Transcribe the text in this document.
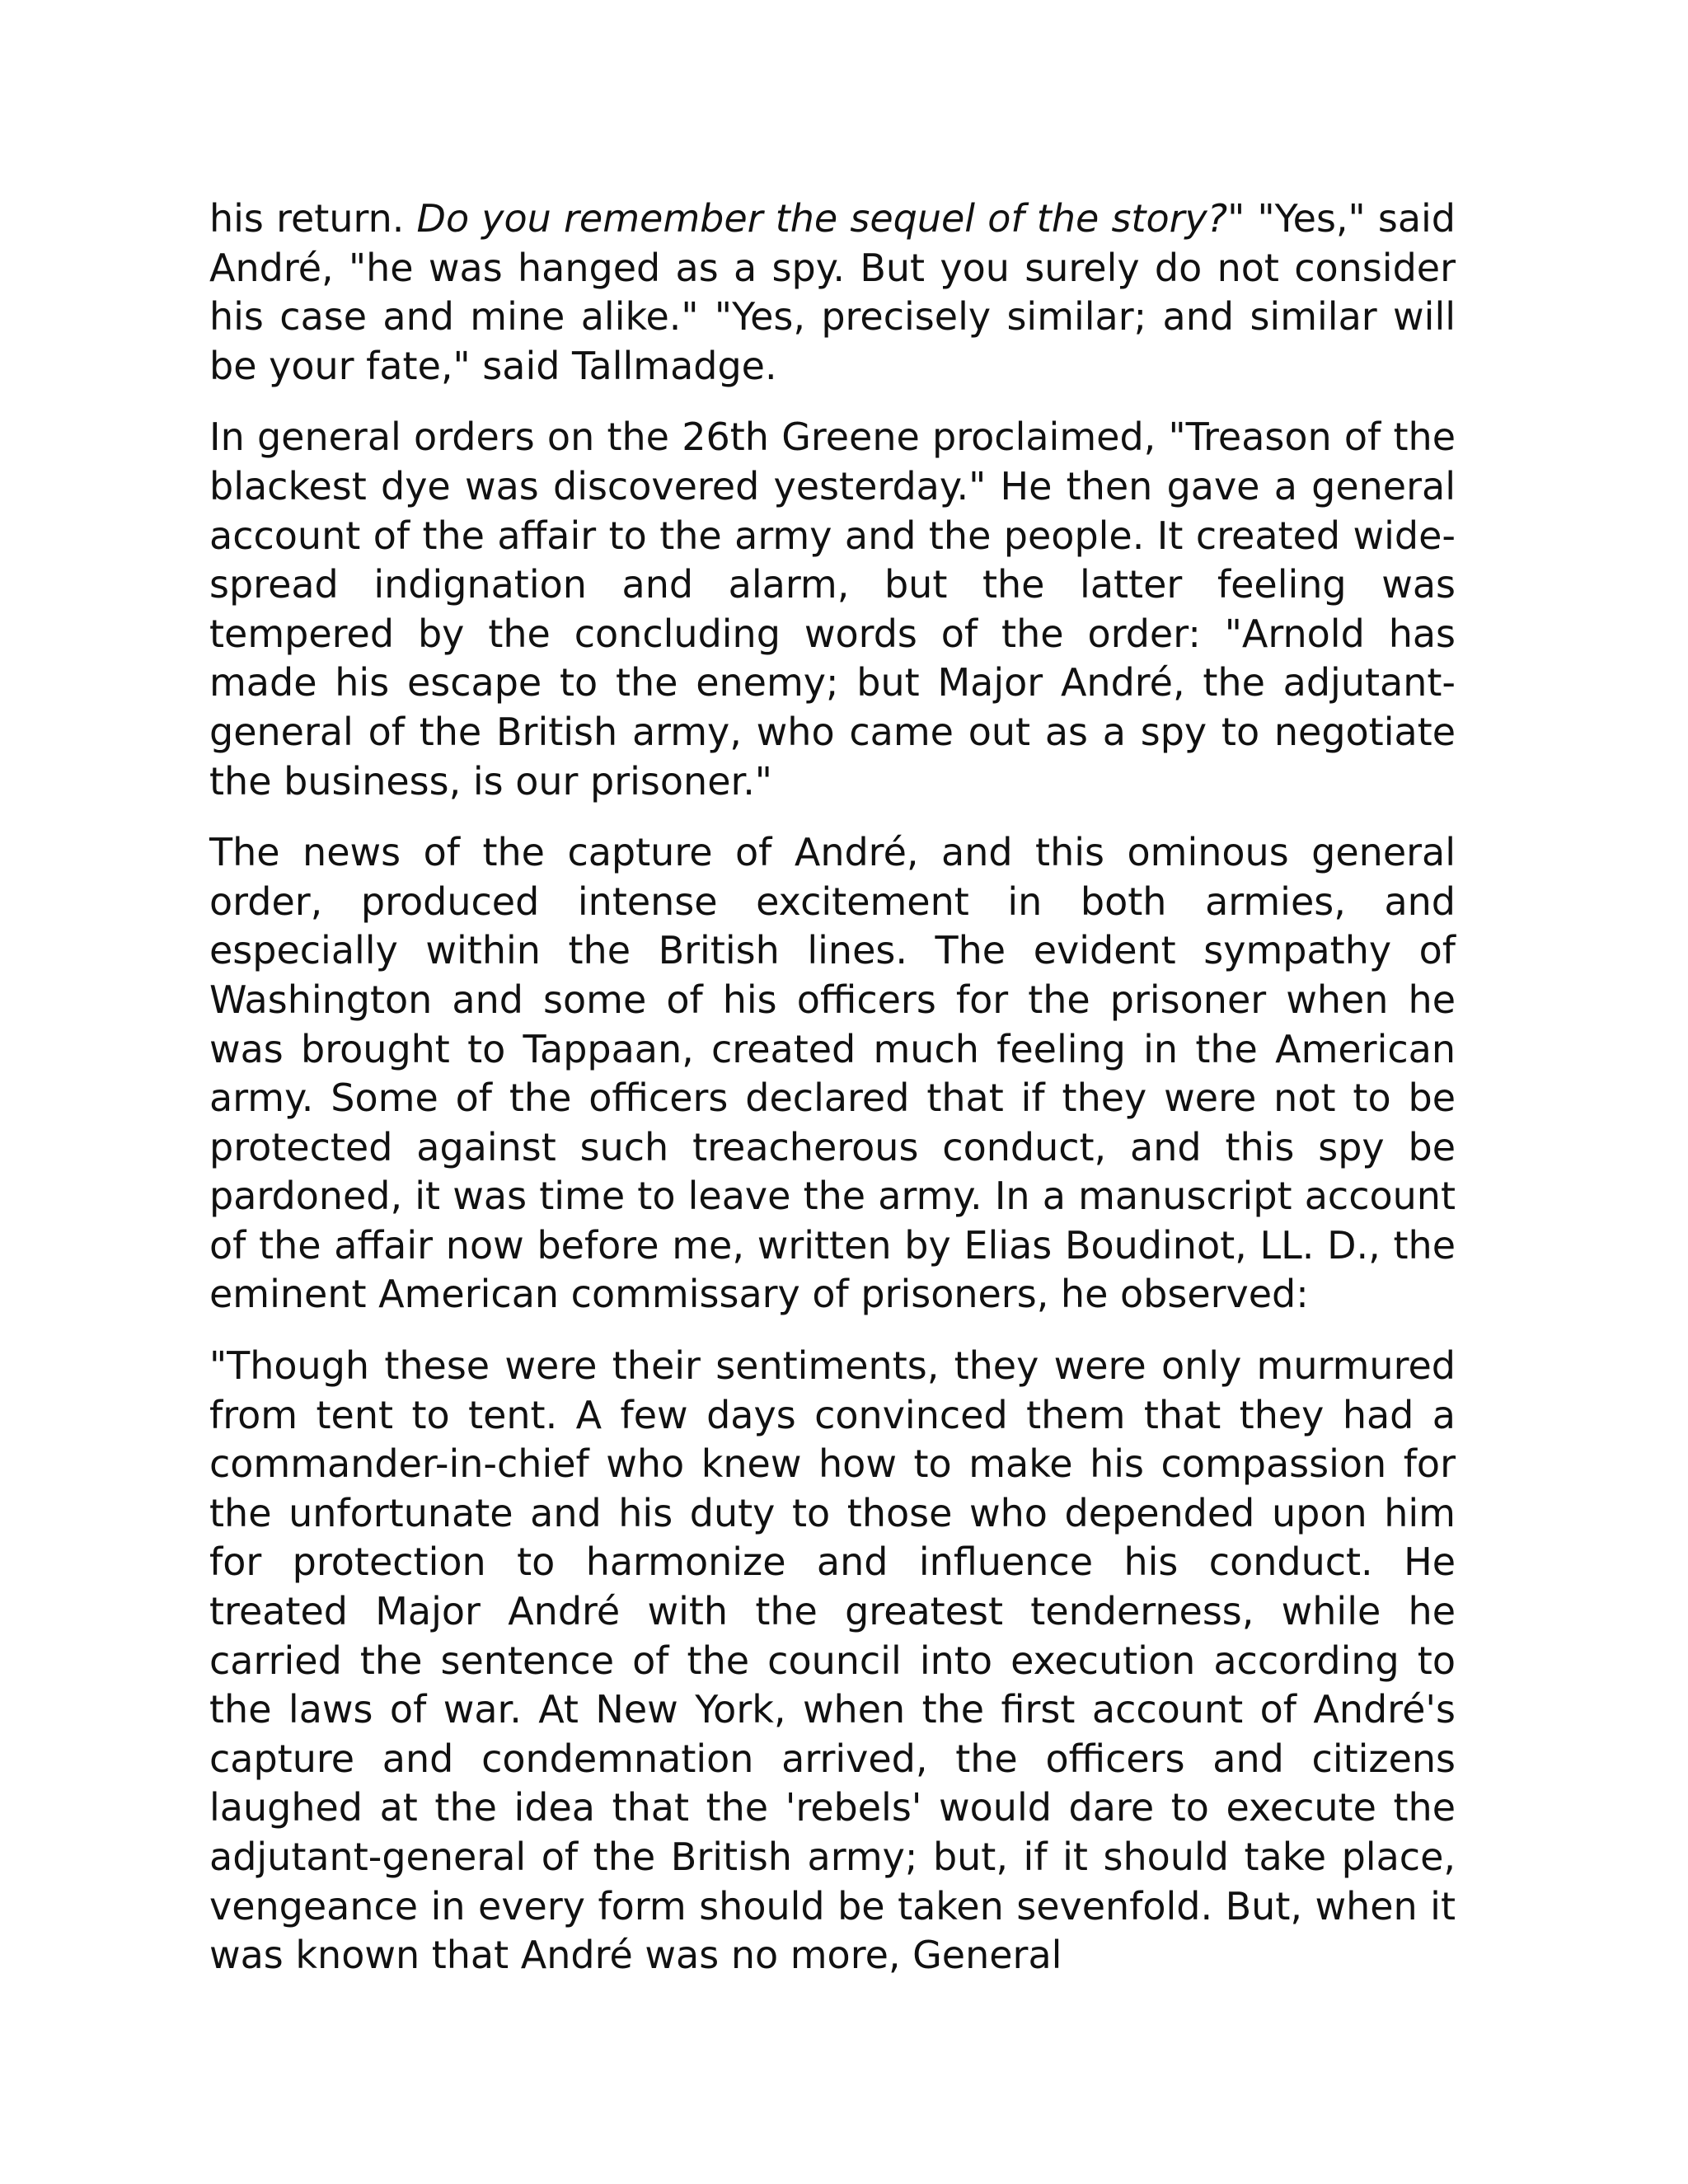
his return. Do you remember the sequel of the story?" "Yes," said André, "he was hanged as a spy. But you surely do not consider his case and mine alike." "Yes, precisely similar; and similar will be your fate," said Tallmadge.

In general orders on the 26th Greene proclaimed, "Treason of the blackest dye was discovered yesterday." He then gave a general account of the affair to the army and the people. It created wide-spread indignation and alarm, but the latter feeling was tempered by the concluding words of the order: "Arnold has made his escape to the enemy; but Major André, the adjutant-general of the British army, who came out as a spy to negotiate the business, is our prisoner."

The news of the capture of André, and this ominous general order, produced intense excitement in both armies, and especially within the British lines. The evident sympathy of Washington and some of his officers for the prisoner when he was brought to Tappaan, created much feeling in the American army. Some of the officers declared that if they were not to be protected against such treacherous conduct, and this spy be pardoned, it was time to leave the army. In a manuscript account of the affair now before me, written by Elias Boudinot, LL. D., the eminent American commissary of prisoners, he observed:

"Though these were their sentiments, they were only murmured from tent to tent. A few days convinced them that they had a commander-in-chief who knew how to make his compassion for the unfortunate and his duty to those who depended upon him for protection to harmonize and influence his conduct. He treated Major André with the greatest tenderness, while he carried the sentence of the council into execution according to the laws of war. At New York, when the first account of André's capture and condemnation arrived, the officers and citizens laughed at the idea that the 'rebels' would dare to execute the adjutant-general of the British army; but, if it should take place, vengeance in every form should be taken sevenfold. But, when it was known that André was no more, General
